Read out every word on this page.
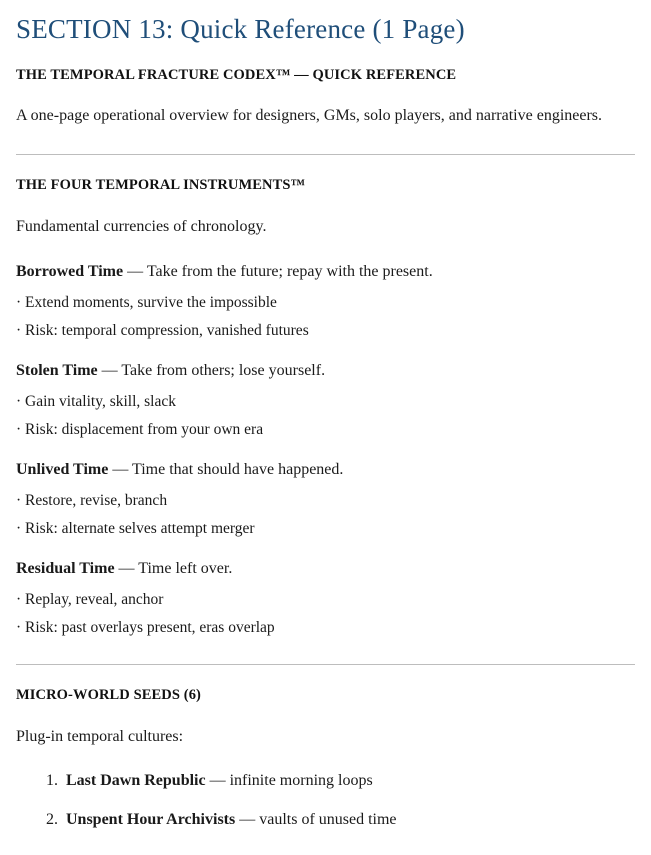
SECTION 13: Quick Reference (1 Page)
THE TEMPORAL FRACTURE CODEX™ — QUICK REFERENCE

A one-page operational overview for designers, GMs, solo players, and narrative engineers.

THE FOUR TEMPORAL INSTRUMENTS™
Fundamental currencies of chronology.
Borrowed Time — Take from the future; repay with the present.
· Extend moments, survive the impossible
· Risk: temporal compression, vanished futures
Stolen Time — Take from others; lose yourself.
· Gain vitality, skill, slack
· Risk: displacement from your own era
Unlived Time — Time that should have happened.
· Restore, revise, branch
· Risk: alternate selves attempt merger
Residual Time — Time left over.
· Replay, reveal, anchor
· Risk: past overlays present, eras overlap
MICRO-WORLD SEEDS (6)
Plug-in temporal cultures:
1. Last Dawn Republic — infinite morning loops
2. Unspent Hour Archivists — vaults of unused time
